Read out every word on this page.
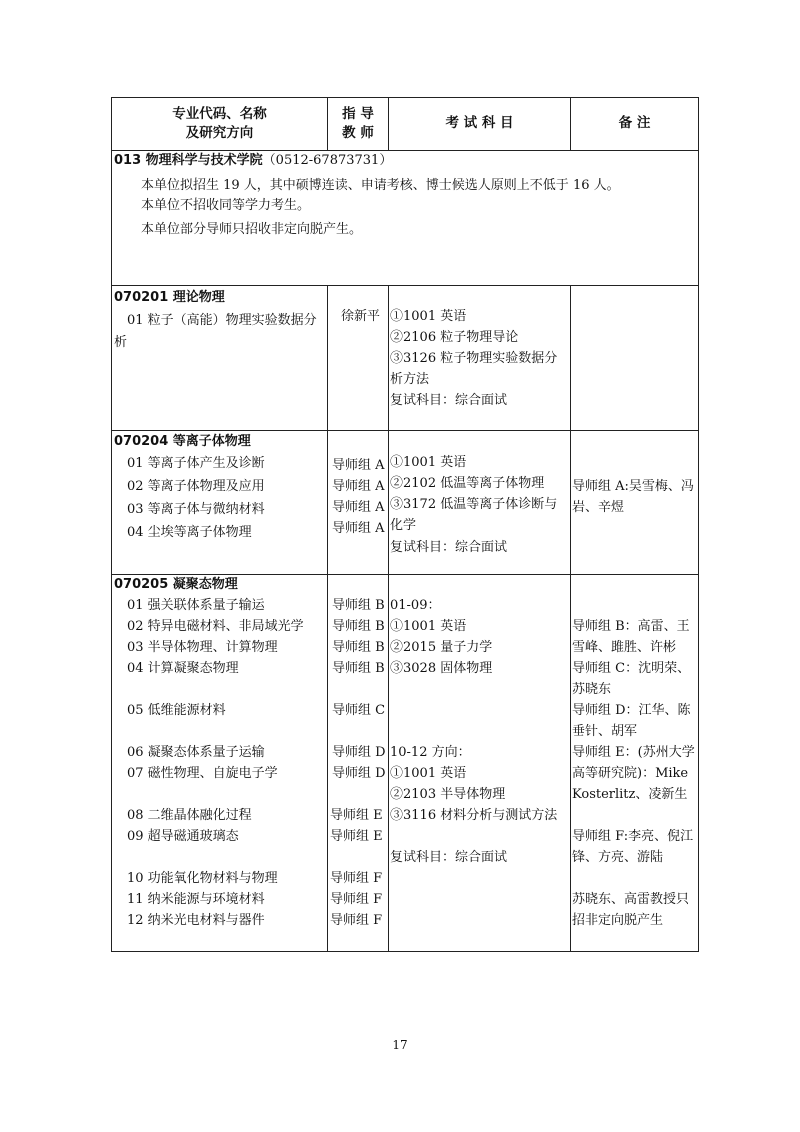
专业代码、名称
及研究方向
指 导
教 师
考 试 科 目	备 注
013 物理科学与技术学院（0512-67873731）
本单位拟招生 19 人，其中硕博连读、申请考核、博士候选人原则上不低于 16 人。
本单位不招收同等学力考生。
本单位部分导师只招收非定向脱产生。
070201 理论物理
01 粒子（高能）物理实验数据分
析
徐新平 ①1001 英语
②2106 粒子物理导论
③3126 粒子物理实验数据分
析方法
复试科目：综合面试
070204 等离子体物理
01 等离子体产生及诊断
02 等离子体物理及应用
03 等离子体与微纳材料
04 尘埃等离子体物理
导师组 A
导师组 A
导师组 A
导师组 A
①1001 英语
②2102 低温等离子体物理
③3172 低温等离子体诊断与
化学
复试科目：综合面试
导师组 A:吴雪梅、冯
岩、辛煜
070205 凝聚态物理
01 强关联体系量子输运
02 特异电磁材料、非局域光学
03 半导体物理、计算物理
04 计算凝聚态物理
05 低维能源材料
06 凝聚态体系量子运输
07 磁性物理、自旋电子学
08 二维晶体融化过程
09 超导磁通玻璃态
10 功能氧化物材料与物理
11 纳米能源与环境材料
12 纳米光电材料与器件
导师组 B
导师组 B
导师组 B
导师组 B
导师组 C
导师组 D
导师组 D
导师组 E
导师组 E
导师组 F
导师组 F
导师组 F
01-09：
①1001 英语
②2015 量子力学
③3028 固体物理
10-12 方向：
①1001 英语
②2103 半导体物理
③3116 材料分析与测试方法
复试科目：综合面试
导师组 B：高雷、王
雪峰、雎胜、许彬
导师组 C：沈明荣、
苏晓东
导师组 D：江华、陈
垂针、胡军
导师组 E：(苏州大学
高等研究院)：Mike
Kosterlitz、凌新生
导师组 F:李亮、倪江
锋、方亮、游陆
苏晓东、高雷教授只
招非定向脱产生
17
